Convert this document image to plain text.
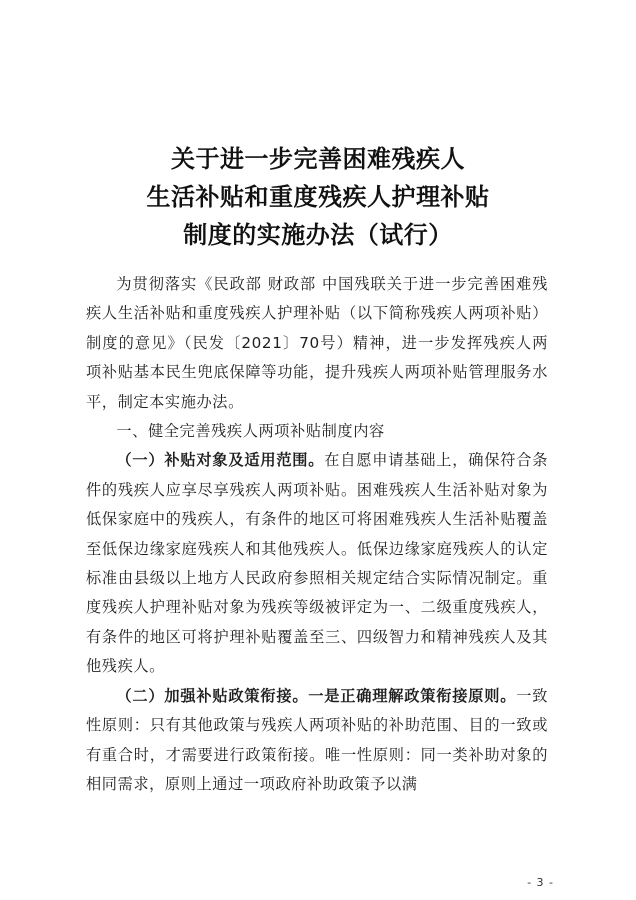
关于进一步完善困难残疾人
生活补贴和重度残疾人护理补贴
制度的实施办法（试行）

为贯彻落实《民政部 财政部 中国残联关于进一步完善困难残疾人生活补贴和重度残疾人护理补贴（以下简称残疾人两项补贴）制度的意见》（民发〔2021〕70号）精神，进一步发挥残疾人两项补贴基本民生兜底保障等功能，提升残疾人两项补贴管理服务水平，制定本实施办法。

一、健全完善残疾人两项补贴制度内容

（一）补贴对象及适用范围。在自愿申请基础上，确保符合条件的残疾人应享尽享残疾人两项补贴。困难残疾人生活补贴对象为低保家庭中的残疾人，有条件的地区可将困难残疾人生活补贴覆盖至低保边缘家庭残疾人和其他残疾人。低保边缘家庭残疾人的认定标准由县级以上地方人民政府参照相关规定结合实际情况制定。重度残疾人护理补贴对象为残疾等级被评定为一、二级重度残疾人，有条件的地区可将护理补贴覆盖至三、四级智力和精神残疾人及其他残疾人。

（二）加强补贴政策衔接。一是正确理解政策衔接原则。一致性原则：只有其他政策与残疾人两项补贴的补助范围、目的一致或有重合时，才需要进行政策衔接。唯一性原则：同一类补助对象的相同需求，原则上通过一项政府补助政策予以满

- 3 -
